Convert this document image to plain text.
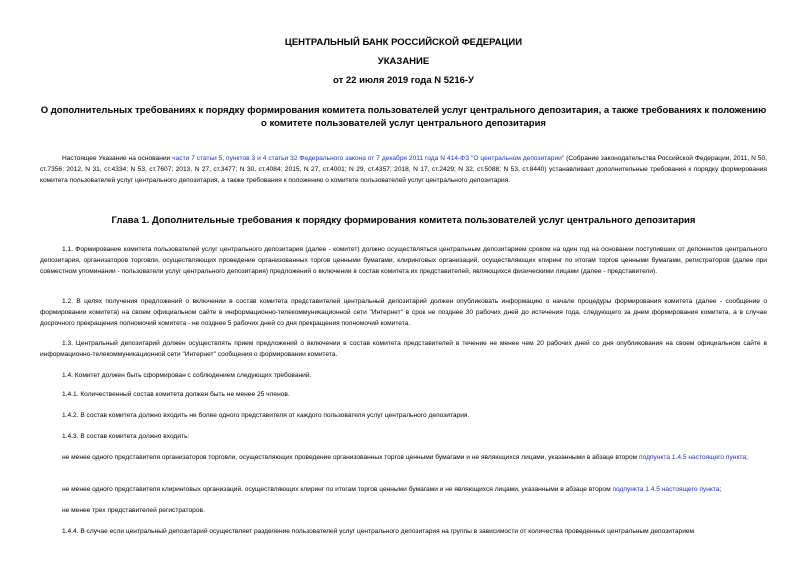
ЦЕНТРАЛЬНЫЙ БАНК РОССИЙСКОЙ ФЕДЕРАЦИИ
УКАЗАНИЕ
от 22 июля 2019 года N 5216-У
О дополнительных требованиях к порядку формирования комитета пользователей услуг центрального депозитария, а также требованиях к положению о комитете пользователей услуг центрального депозитария

Настоящее Указание на основании части 7 статьи 5, пунктов 3 и 4 статьи 32 Федерального закона от 7 декабря 2011 года N 414-ФЗ "О центральном депозитарии" (Собрание законодательства Российской Федерации, 2011, N 50, ст.7356; 2012, N 31, ст.4334; N 53, ст.7607; 2013, N 27, ст.3477; N 30, ст.4084; 2015, N 27, ст.4001; N 29, ст.4357; 2018, N 17, ст.2429; N 32, ст.5088; N 53, ст.8440) устанавливает дополнительные требования к порядку формирования комитета пользователей услуг центрального депозитария, а также требования к положению о комитете пользователей услуг центрального депозитария.

Глава 1. Дополнительные требования к порядку формирования комитета пользователей услуг центрального депозитария

1.1. Формирование комитета пользователей услуг центрального депозитария (далее - комитет) должно осуществляться центральным депозитарием сроком на один год на основании поступивших от депонентов центрального депозитария, организаторов торговли, осуществляющих проведение организованных торгов ценными бумагами, клиринговых организаций, осуществляющих клиринг по итогам торгов ценными бумагами, регистраторов (далее при совместном упоминании - пользователи услуг центрального депозитария) предложений о включении в состав комитета их представителей, являющихся физическими лицами (далее - представители).

1.2. В целях получения предложений о включении в состав комитета представителей центральный депозитарий должен опубликовать информацию о начале процедуры формирования комитета (далее - сообщение о формировании комитета) на своем официальном сайте в информационно-телекоммуникационной сети "Интернет" в срок не позднее 30 рабочих дней до истечения года, следующего за днем формирования комитета, а в случае досрочного прекращения полномочий комитета - не позднее 5 рабочих дней со дня прекращения полномочий комитета.

1.3. Центральный депозитарий должен осуществлять прием предложений о включении в состав комитета представителей в течение не менее чем 20 рабочих дней со дня опубликования на своем официальном сайте в информационно-телекоммуникационной сети "Интернет" сообщения о формировании комитета.

1.4. Комитет должен быть сформирован с соблюдением следующих требований.

1.4.1. Количественный состав комитета должен быть не менее 25 членов.

1.4.2. В состав комитета должно входить не более одного представителя от каждого пользователя услуг центрального депозитария.

1.4.3. В состав комитета должно входить:

не менее одного представителя организаторов торговли, осуществляющих проведение организованных торгов ценными бумагами и не являющихся лицами, указанными в абзаце втором подпункта 1.4.5 настоящего пункта;

не менее одного представителя клиринговых организаций, осуществляющих клиринг по итогам торгов ценными бумагами и не являющихся лицами, указанными в абзаце втором подпункта 1.4.5 настоящего пункта;

не менее трех представителей регистраторов.

1.4.4. В случае если центральный депозитарий осуществляет разделение пользователей услуг центрального депозитария на группы в зависимости от количества проведенных центральным депозитарием
